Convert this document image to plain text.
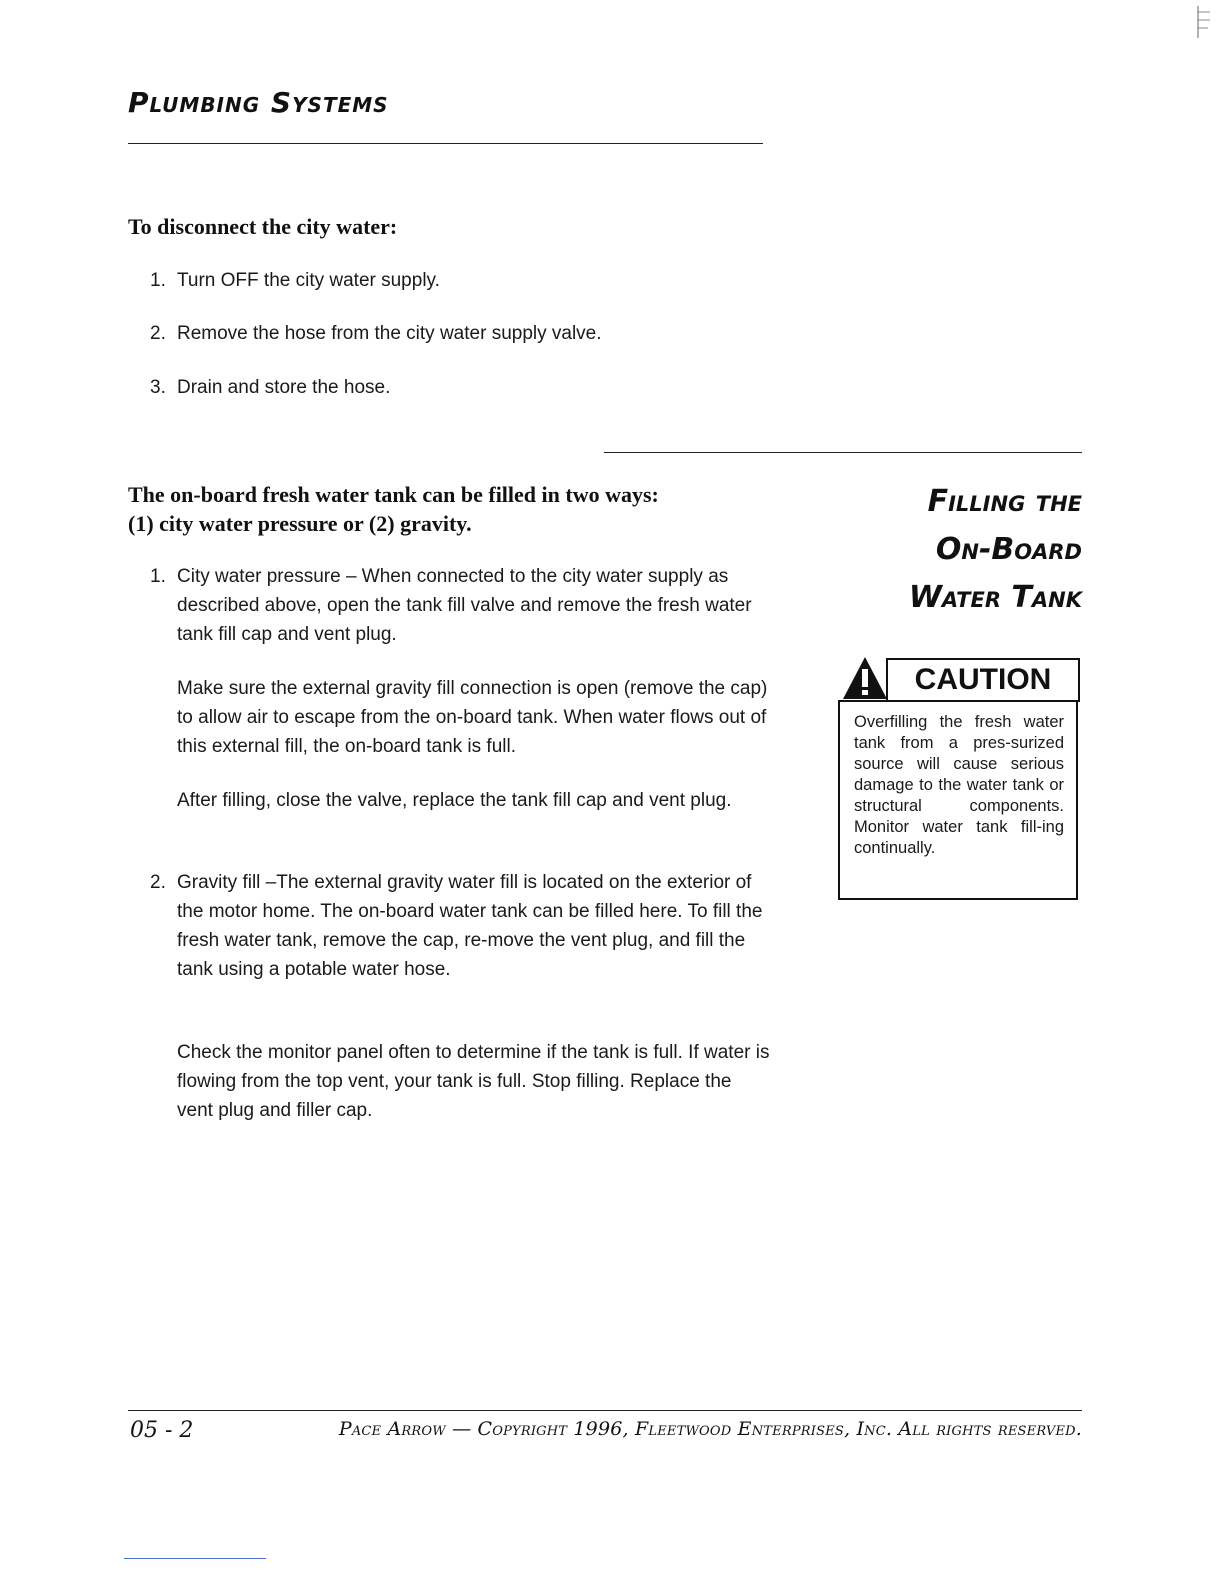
Plumbing Systems
To disconnect the city water:
1. Turn OFF the city water supply.
2. Remove the hose from the city water supply valve.
3. Drain and store the hose.
The on-board fresh water tank can be filled in two ways:
(1) city water pressure or (2) gravity.
1. City water pressure – When connected to the city water supply as described above, open the tank fill valve and remove the fresh water tank fill cap and vent plug.

Make sure the external gravity fill connection is open (remove the cap) to allow air to escape from the on-board tank. When water flows out of this external fill, the on-board tank is full.

After filling, close the valve, replace the tank fill cap and vent plug.

2. Gravity fill –The external gravity water fill is located on the exterior of the motor home. The on-board water tank can be filled here. To fill the fresh water tank, remove the cap, re-move the vent plug, and fill the tank using a potable water hose.

Check the monitor panel often to determine if the tank is full. If water is flowing from the top vent, your tank is full. Stop filling. Replace the vent plug and filler cap.

Filling the
On-Board
Water Tank
CAUTION

Overfilling the fresh water tank from a pres-surized source will cause serious damage to the water tank or structural components. Monitor water tank fill-ing continually.

05 - 2	Pace Arrow — Copyright 1996, Fleetwood Enterprises, Inc. All rights reserved.
